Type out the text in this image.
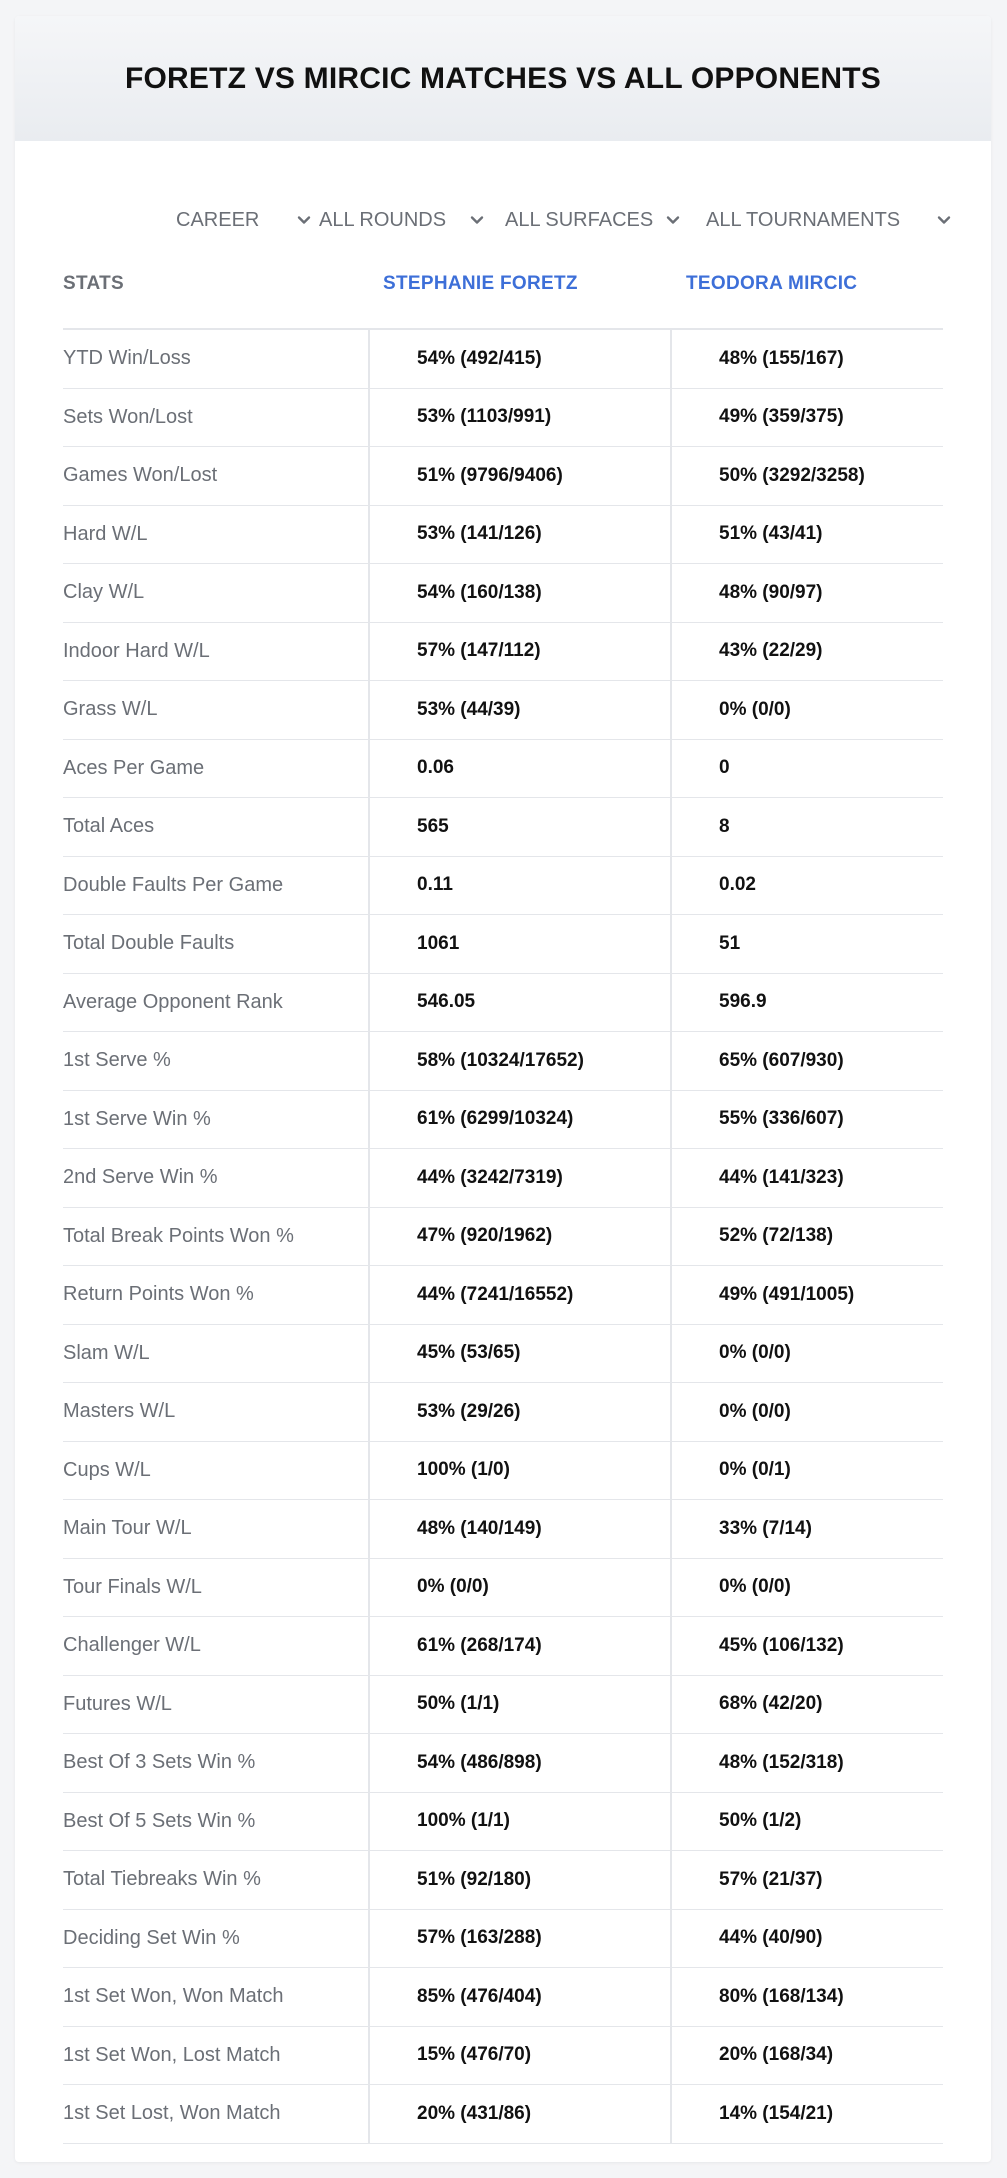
FORETZ VS MIRCIC MATCHES VS ALL OPPONENTS
CAREER	ALL ROUNDS	ALL SURFACES	ALL TOURNAMENTS
STATS	STEPHANIE FORETZ	TEODORA MIRCIC
YTD Win/Loss	54% (492/415)	48% (155/167)
Sets Won/Lost	53% (1103/991)	49% (359/375)
Games Won/Lost	51% (9796/9406)	50% (3292/3258)
Hard W/L	53% (141/126)	51% (43/41)
Clay W/L	54% (160/138)	48% (90/97)
Indoor Hard W/L	57% (147/112)	43% (22/29)
Grass W/L	53% (44/39)	0% (0/0)
Aces Per Game	0.06	0
Total Aces	565	8
Double Faults Per Game	0.11	0.02
Total Double Faults	1061	51
Average Opponent Rank	546.05	596.9
1st Serve %	58% (10324/17652)	65% (607/930)
1st Serve Win %	61% (6299/10324)	55% (336/607)
2nd Serve Win %	44% (3242/7319)	44% (141/323)
Total Break Points Won %	47% (920/1962)	52% (72/138)
Return Points Won %	44% (7241/16552)	49% (491/1005)
Slam W/L	45% (53/65)	0% (0/0)
Masters W/L	53% (29/26)	0% (0/0)
Cups W/L	100% (1/0)	0% (0/1)
Main Tour W/L	48% (140/149)	33% (7/14)
Tour Finals W/L	0% (0/0)	0% (0/0)
Challenger W/L	61% (268/174)	45% (106/132)
Futures W/L	50% (1/1)	68% (42/20)
Best Of 3 Sets Win %	54% (486/898)	48% (152/318)
Best Of 5 Sets Win %	100% (1/1)	50% (1/2)
Total Tiebreaks Win %	51% (92/180)	57% (21/37)
Deciding Set Win %	57% (163/288)	44% (40/90)
1st Set Won, Won Match	85% (476/404)	80% (168/134)
1st Set Won, Lost Match	15% (476/70)	20% (168/34)
1st Set Lost, Won Match	20% (431/86)	14% (154/21)
